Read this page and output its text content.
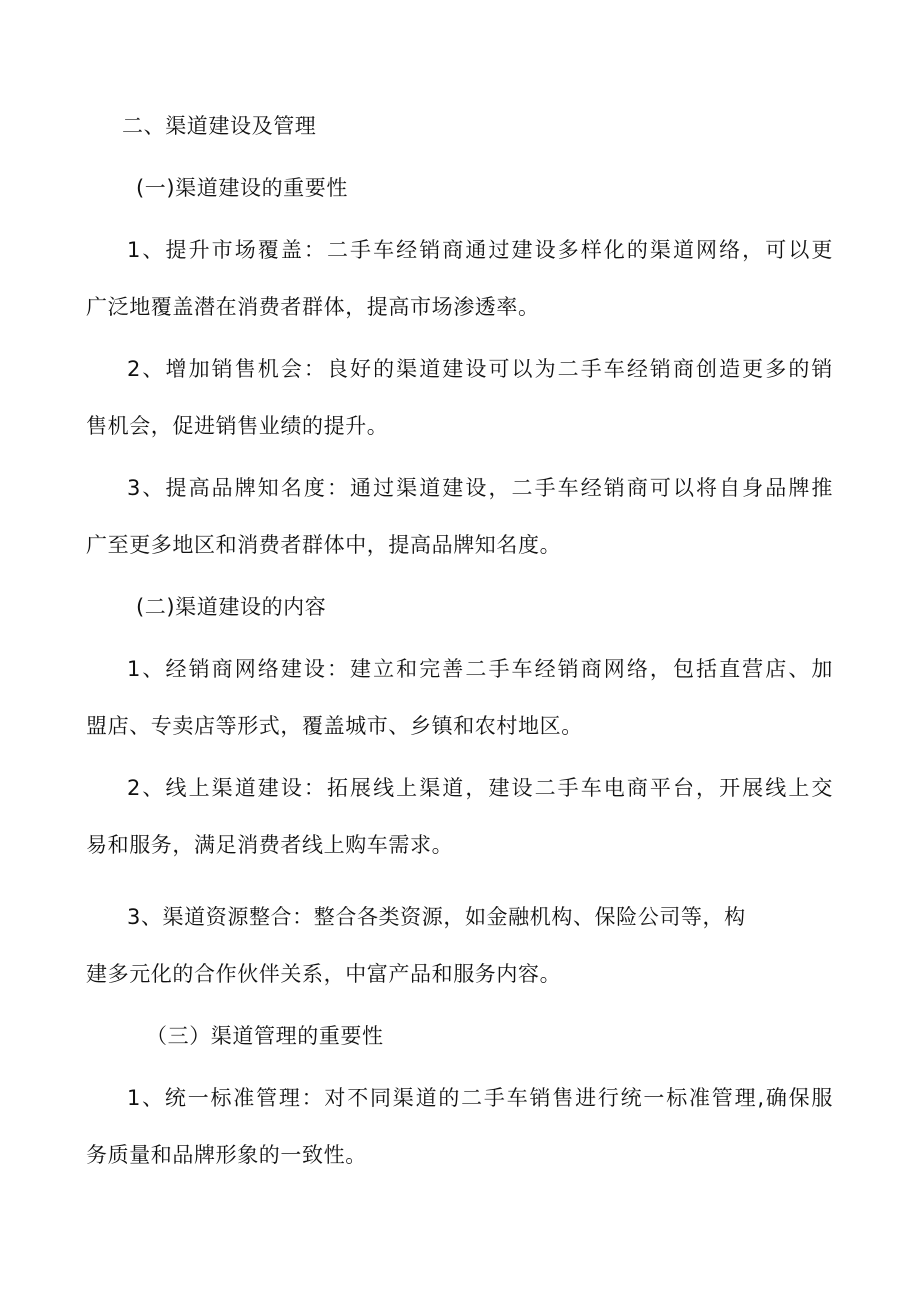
二、渠道建设及管理
(一)渠道建设的重要性
1、提升市场覆盖：二手车经销商通过建设多样化的渠道网络，可以更
广泛地覆盖潜在消费者群体，提高市场渗透率。
2、增加销售机会：良好的渠道建设可以为二手车经销商创造更多的销
售机会，促进销售业绩的提升。
3、提高品牌知名度：通过渠道建设，二手车经销商可以将自身品牌推
广至更多地区和消费者群体中，提高品牌知名度。
(二)渠道建设的内容
1、经销商网络建设：建立和完善二手车经销商网络，包括直营店、加
盟店、专卖店等形式，覆盖城市、乡镇和农村地区。
2、线上渠道建设：拓展线上渠道，建设二手车电商平台，开展线上交
易和服务，满足消费者线上购车需求。
3、渠道资源整合：整合各类资源，如金融机构、保险公司等，构
建多元化的合作伙伴关系，中富产品和服务内容。
（三）渠道管理的重要性
1、统一标准管理：对不同渠道的二手车销售进行统一标准管理,确保服
务质量和品牌形象的一致性。
